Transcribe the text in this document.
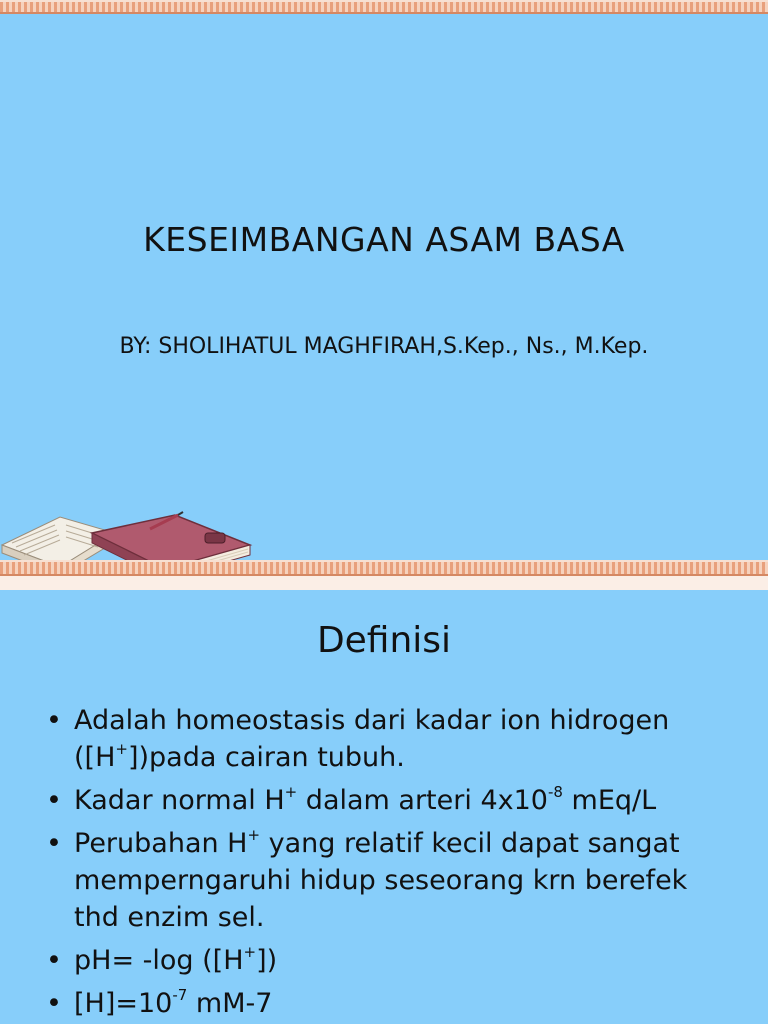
KESEIMBANGAN ASAM BASA
BY: SHOLIHATUL MAGHFIRAH,S.Kep., Ns., M.Kep.
Definisi
• Adalah homeostasis dari kadar ion hidrogen ([H+])pada cairan tubuh.
• Kadar normal H+ dalam arteri $4x10^{-8}$ mEq/L
• Perubahan H+ yang relatif kecil dapat sangat memperngaruhi hidup seseorang krn berefek thd enzim sel.
• pH= -log ([H+])
• $[H]=10^{-7}$ mM-7
